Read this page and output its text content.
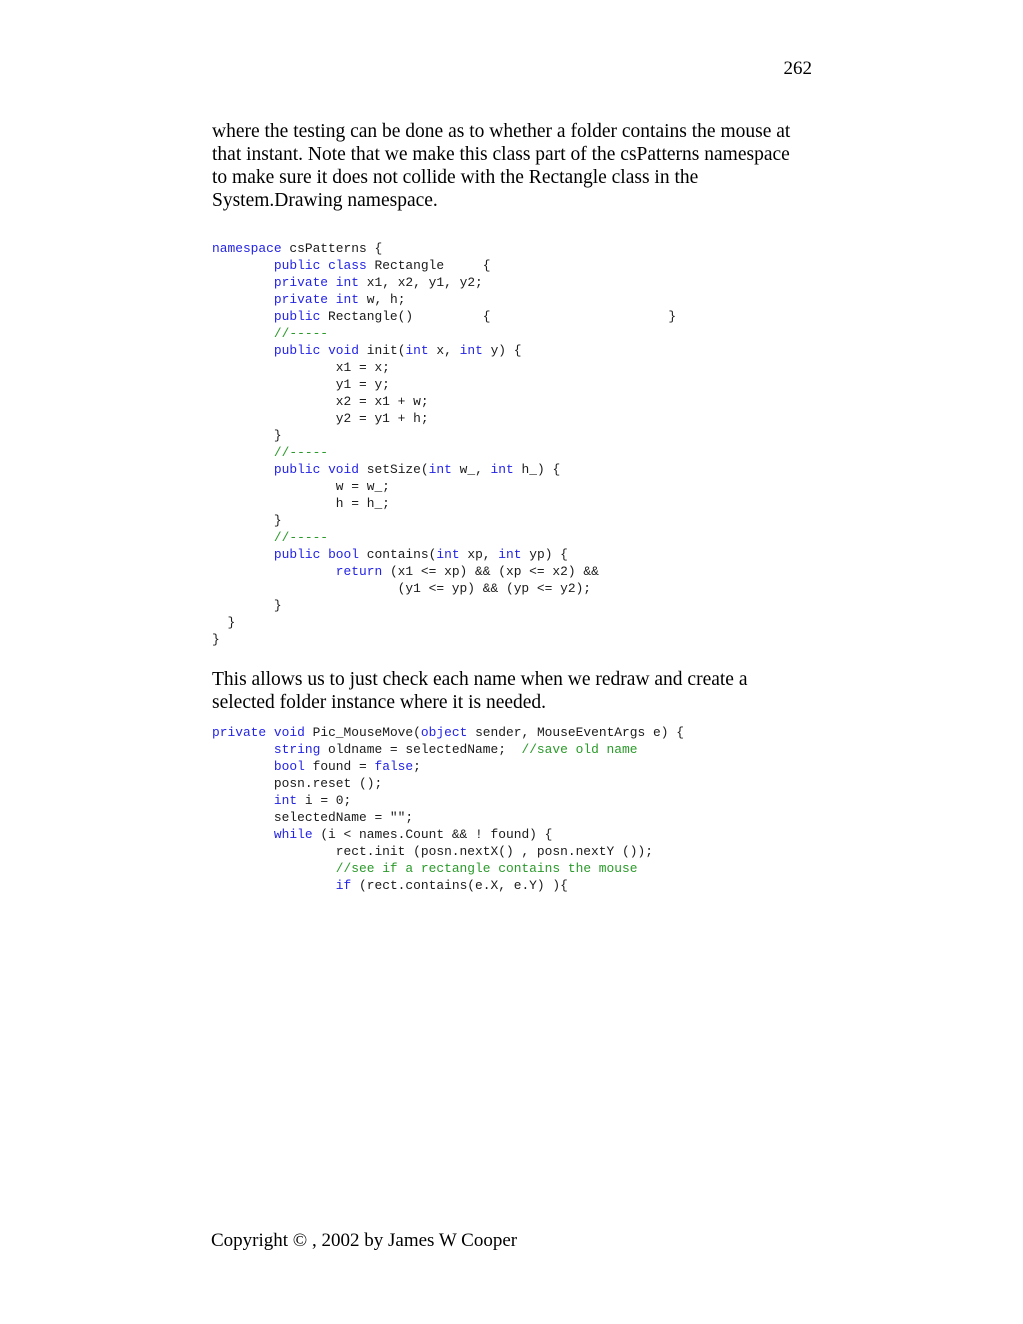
262
where the testing can be done as to whether a folder contains the mouse at
that instant. Note that we make this class part of the csPatterns namespace
to make sure it does not collide with the Rectangle class in the
System.Drawing namespace.
namespace csPatterns {
public class Rectangle     {
private int x1, x2, y1, y2;
private int w, h;
public Rectangle()         {                       }
//-----
public void init(int x, int y) {
x1 = x;
y1 = y;
x2 = x1 + w;
y2 = y1 + h;
}
//-----
public void setSize(int w_, int h_) {
w = w_;
h = h_;
}
//-----
public bool contains(int xp, int yp) {
return (x1 <= xp) && (xp <= x2) &&
(y1 <= yp) && (yp <= y2);
}
}
}
This allows us to just check each name when we redraw and create a
selected folder instance where it is needed.
private void Pic_MouseMove(object sender, MouseEventArgs e) {
string oldname = selectedName;  //save old name
bool found = false;
posn.reset ();
int i = 0;
selectedName = "";
while (i < names.Count && ! found) {
rect.init (posn.nextX() , posn.nextY ());
//see if a rectangle contains the mouse
if (rect.contains(e.X, e.Y) ){
Copyright © , 2002 by James W Cooper
